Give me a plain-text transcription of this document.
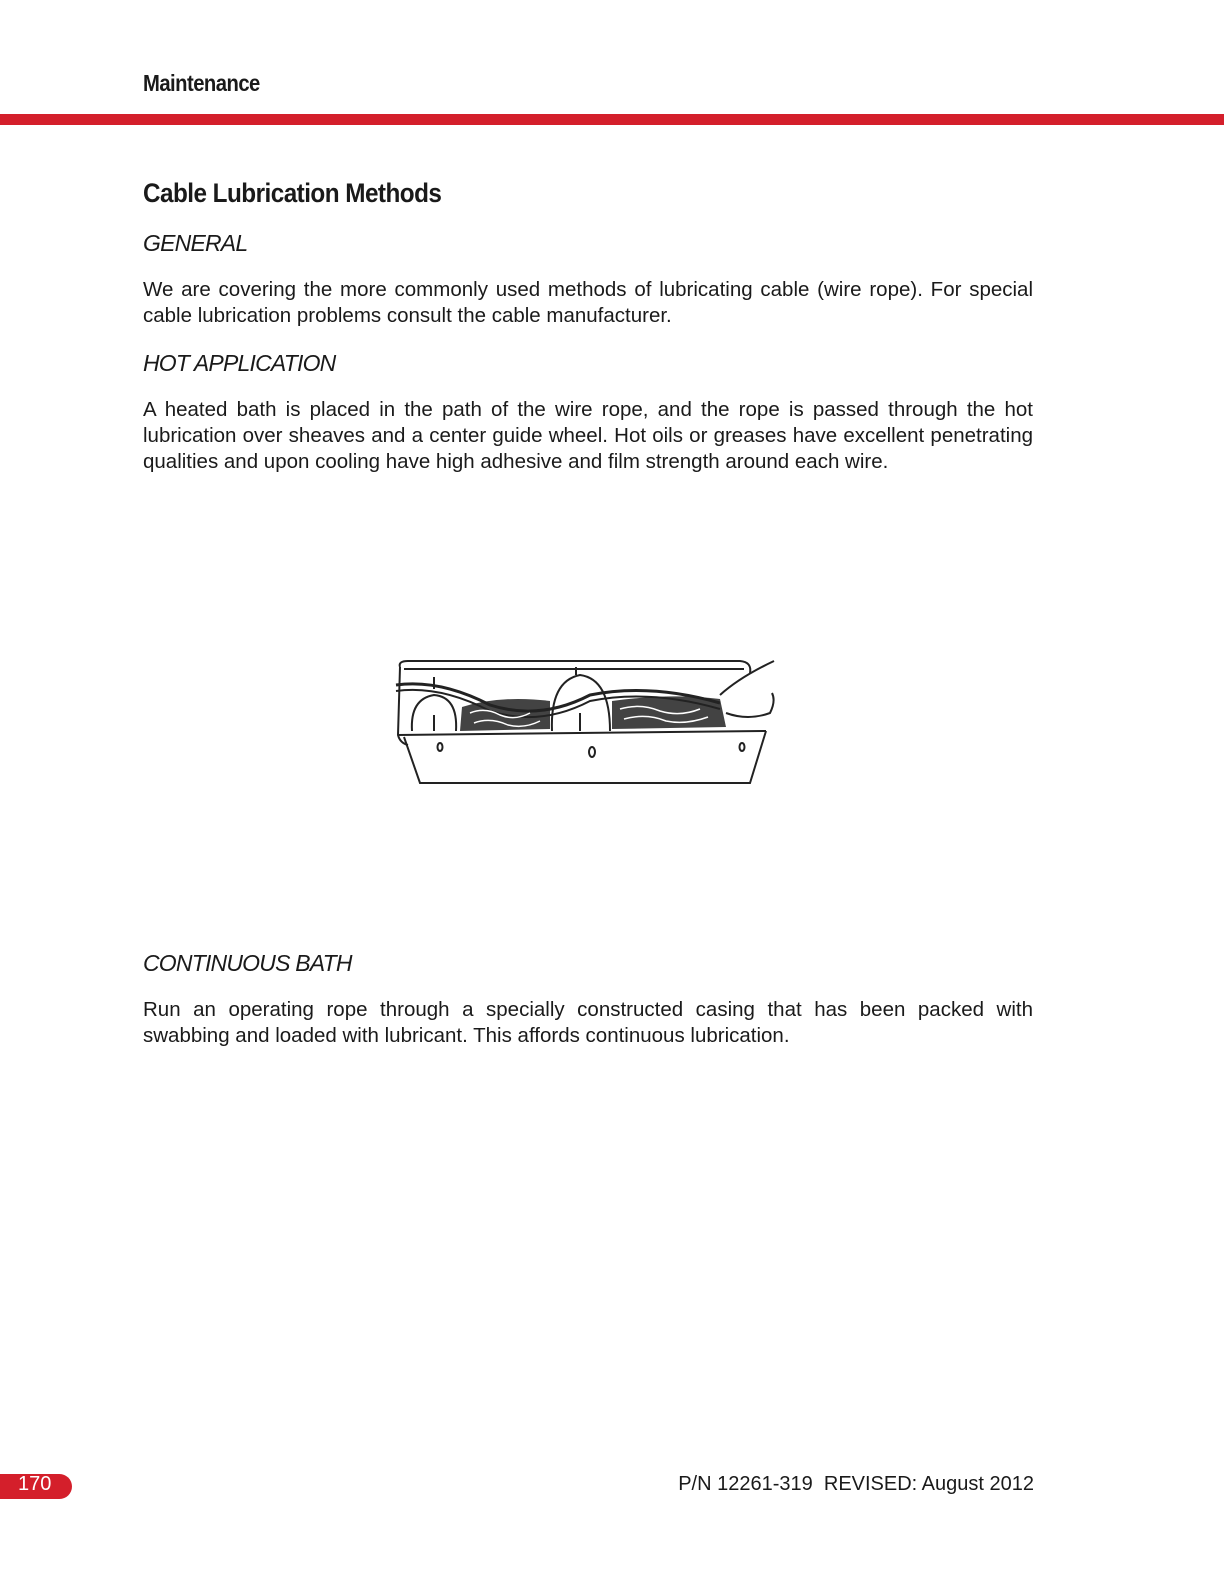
Maintenance
Cable Lubrication Methods
GENERAL
We are covering the more commonly used methods of lubricating cable (wire rope). For special cable lubrication problems consult the cable manufacturer.
HOT APPLICATION
A heated bath is placed in the path of the wire rope, and the rope is passed through the hot lubrication over sheaves and a center guide wheel. Hot oils or greases have excellent penetrating qualities and upon cooling have high adhesive and film strength around each wire.
CONTINUOUS BATH
Run an operating rope through a specially constructed casing that has been packed with swabbing and loaded with lubricant. This affords continuous lubrication.
170	P/N 12261-319  REVISED: August 2012
